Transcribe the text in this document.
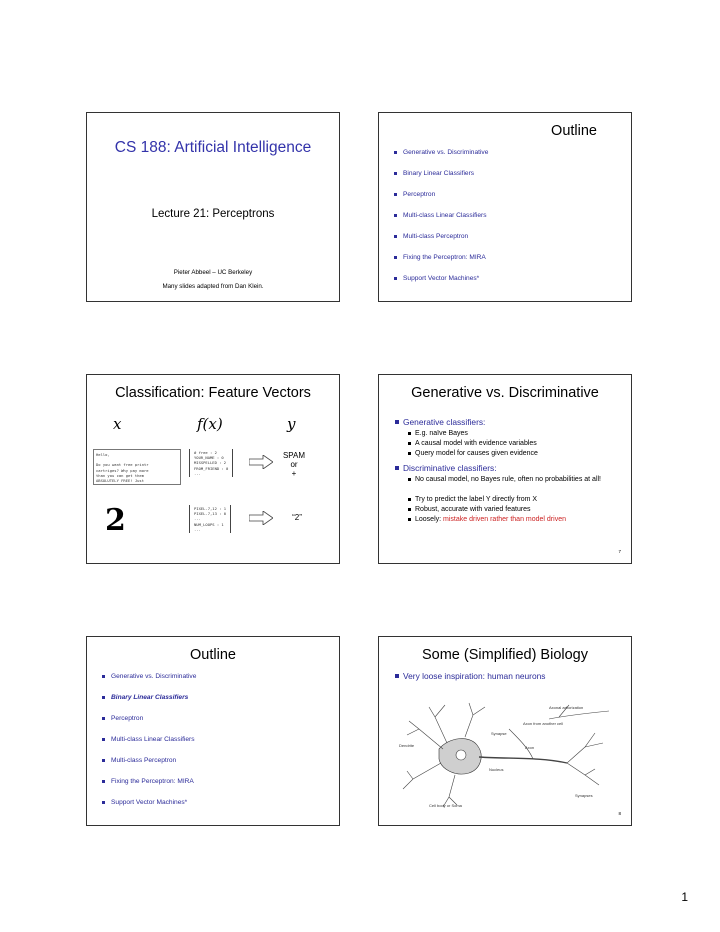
CS 188: Artificial Intelligence
Lecture 21: Perceptrons
Pieter Abbeel – UC Berkeley
Many slides adapted from Dan Klein.
Outline
Generative vs. Discriminative
Binary Linear Classifiers
Perceptron
Multi-class Linear Classifiers
Multi-class Perceptron
Fixing the Perceptron: MIRA
Support Vector Machines*
Classification: Feature Vectors
x	f(x)	y
Hello,
Do you want free printr
cartriges? Why pay more
than you can get them
ABSOLUTELY FREE! Just
# free : 2
YOUR_NAME : 0
MISSPELLED : 2
FROM_FRIEND : 0
...
SPAM
or
+
2	PIXEL-7,12 : 1
PIXEL-7,13 : 0
...
NUM_LOOPS : 1
...
“2”
Generative vs. Discriminative
Generative classifiers:
E.g. naïve Bayes
A causal model with evidence variables
Query model for causes given evidence
Discriminative classifiers:
No causal model, no Bayes rule, often no probabilities at all!
Try to predict the label Y directly from X
Robust, accurate with varied features
Loosely: mistake driven rather than model driven
7
Outline
Generative vs. Discriminative
Binary Linear Classifiers
Perceptron
Multi-class Linear Classifiers
Multi-class Perceptron
Fixing the Perceptron: MIRA
Support Vector Machines*
Some (Simplified) Biology
Very loose inspiration: human neurons
Axonal arborization
Axon from another cell
Synapse
Dendrite	Axon
Nucleus
Synapses
Cell body or Soma
8
1
